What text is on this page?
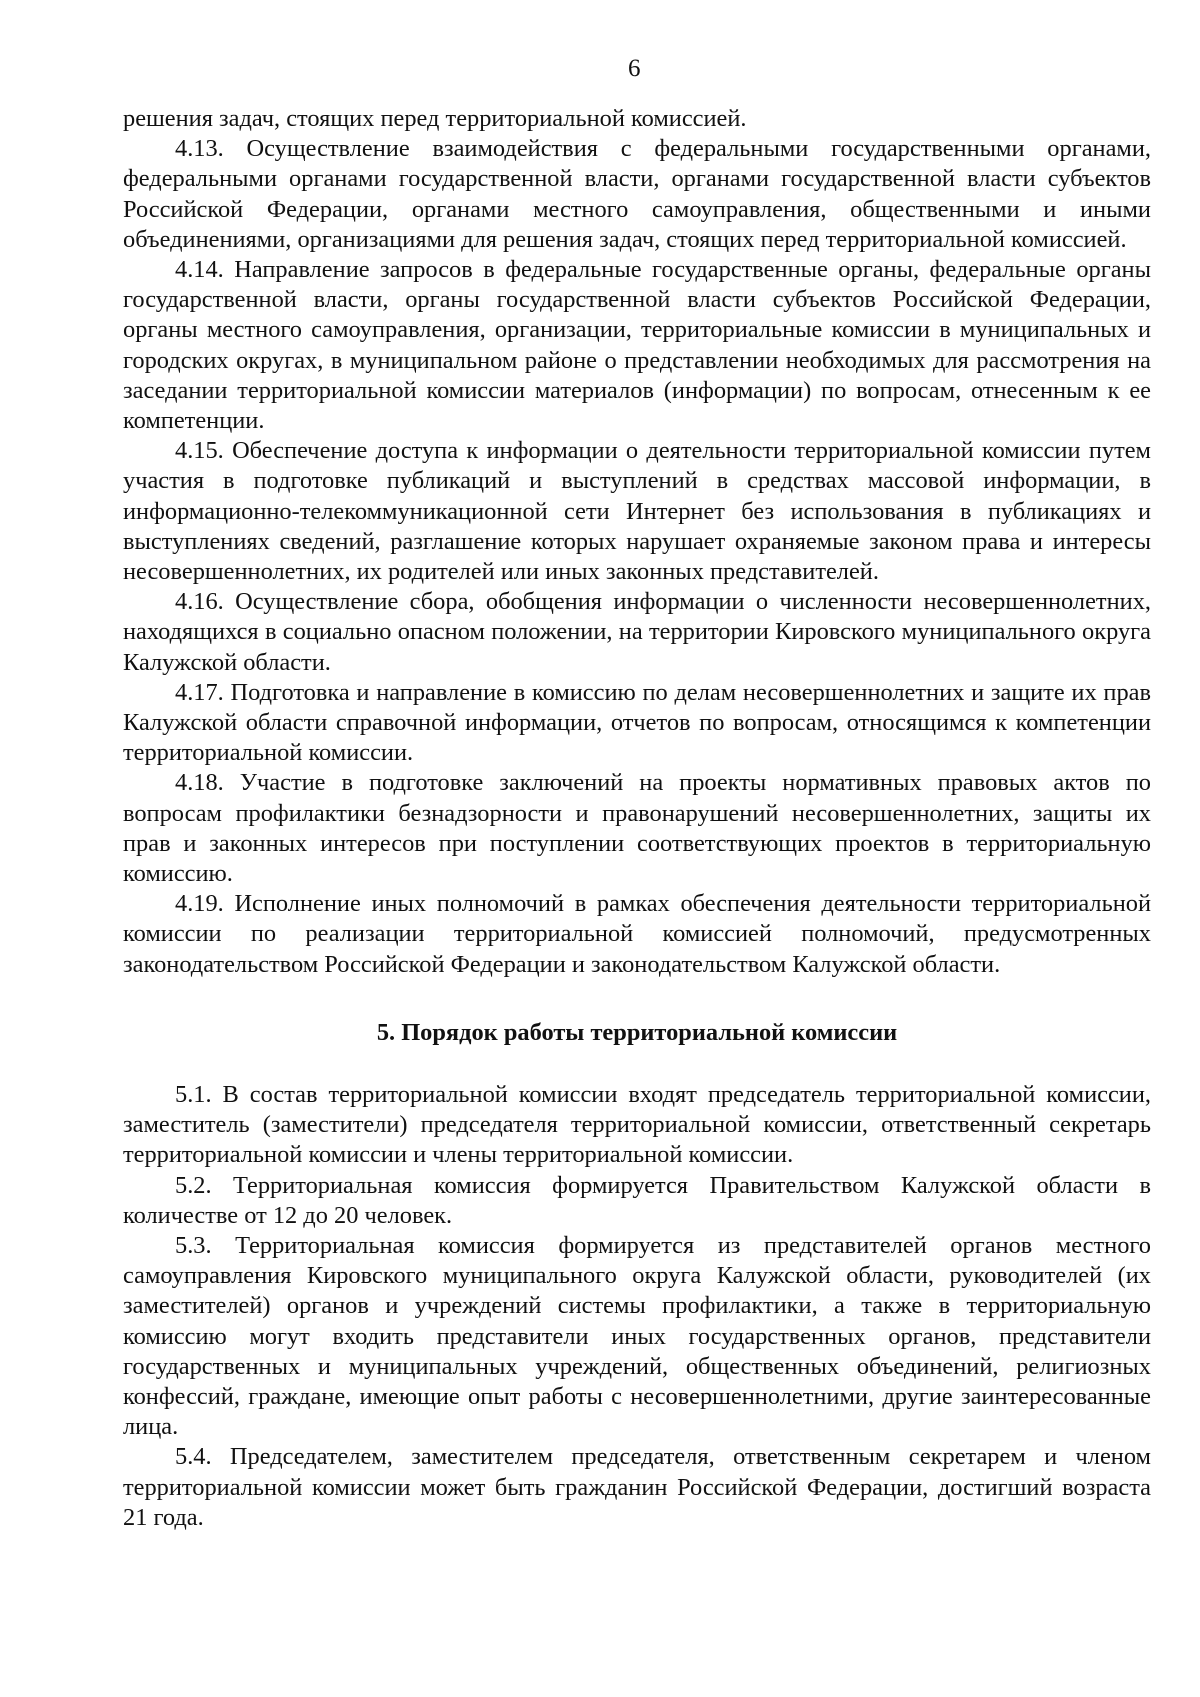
6

решения задач, стоящих перед территориальной комиссией.

4.13. Осуществление взаимодействия с федеральными государственными органами, федеральными органами государственной власти, органами государственной власти субъектов Российской Федерации, органами местного самоуправления, общественными и иными объединениями, организациями для решения задач, стоящих перед территориальной комиссией.

4.14. Направление запросов в федеральные государственные органы, федеральные органы государственной власти, органы государственной власти субъектов Российской Федерации, органы местного самоуправления, организации, территориальные комиссии в муниципальных и городских округах, в муниципальном районе о представлении необходимых для рассмотрения на заседании территориальной комиссии материалов (информации) по вопросам, отнесенным к ее компетенции.

4.15. Обеспечение доступа к информации о деятельности территориальной комиссии путем участия в подготовке публикаций и выступлений в средствах массовой информации, в информационно-телекоммуникационной сети Интернет без использования в публикациях и выступлениях сведений, разглашение которых нарушает охраняемые законом права и интересы несовершеннолетних, их родителей или иных законных представителей.

4.16. Осуществление сбора, обобщения информации о численности несовершеннолетних, находящихся в социально опасном положении, на территории Кировского муниципального округа Калужской области.

4.17. Подготовка и направление в комиссию по делам несовершеннолетних и защите их прав Калужской области справочной информации, отчетов по вопросам, относящимся к компетенции территориальной комиссии.

4.18. Участие в подготовке заключений на проекты нормативных правовых актов по вопросам профилактики безнадзорности и правонарушений несовершеннолетних, защиты их прав и законных интересов при поступлении соответствующих проектов в территориальную комиссию.

4.19. Исполнение иных полномочий в рамках обеспечения деятельности территориальной комиссии по реализации территориальной комиссией полномочий, предусмотренных законодательством Российской Федерации и законодательством Калужской области.

5. Порядок работы территориальной комиссии

5.1. В состав территориальной комиссии входят председатель территориальной комиссии, заместитель (заместители) председателя территориальной комиссии, ответственный секретарь территориальной комиссии и члены территориальной комиссии.

5.2. Территориальная комиссия формируется Правительством Калужской области в количестве от 12 до 20 человек.

5.3. Территориальная комиссия формируется из представителей органов местного самоуправления Кировского муниципального округа Калужской области, руководителей (их заместителей) органов и учреждений системы профилактики, а также в территориальную комиссию могут входить представители иных государственных органов, представители государственных и муниципальных учреждений, общественных объединений, религиозных конфессий, граждане, имеющие опыт работы с несовершеннолетними, другие заинтересованные лица.

5.4. Председателем, заместителем председателя, ответственным секретарем и членом территориальной комиссии может быть гражданин Российской Федерации, достигший возраста 21 года.
